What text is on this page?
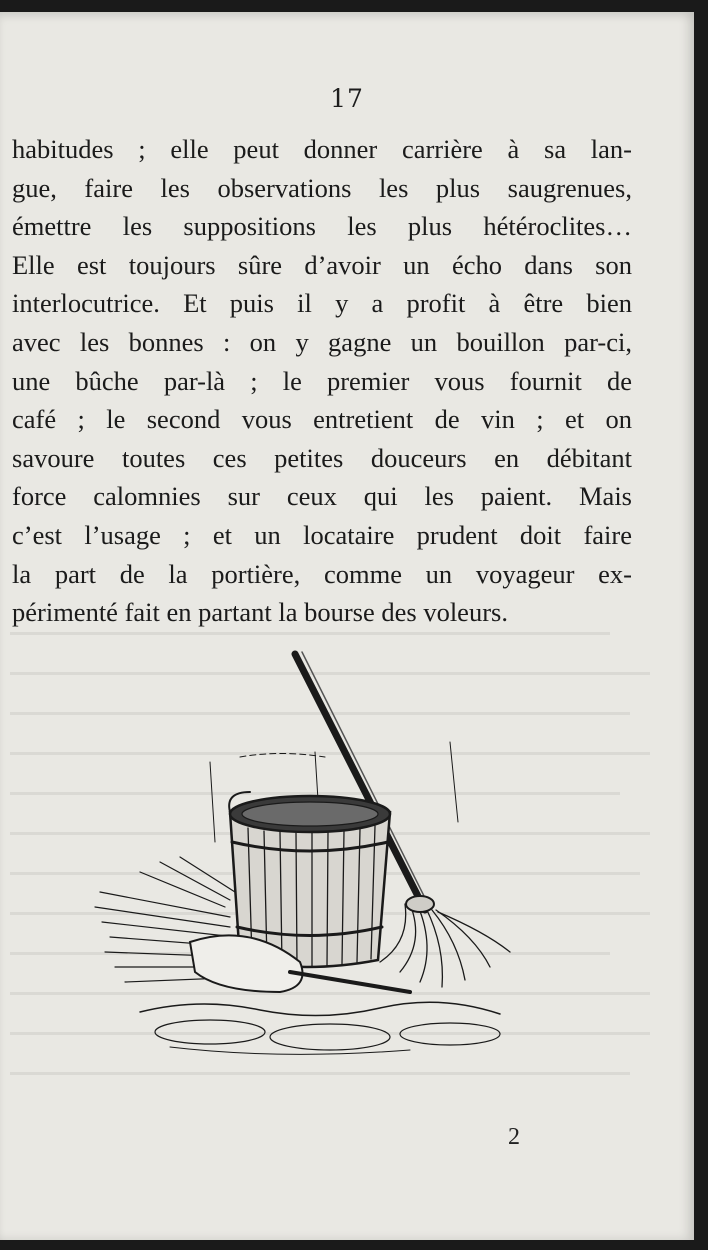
17
habitudes ; elle peut donner carrière à sa lan-
gue, faire les observations les plus saugrenues,
émettre les suppositions les plus hétéroclites…
Elle est toujours sûre d’avoir un écho dans son
interlocutrice. Et puis il y a profit à être bien
avec les bonnes : on y gagne un bouillon par-ci,
une bûche par-là ; le premier vous fournit de
café ; le second vous entretient de vin ; et on
savoure toutes ces petites douceurs en débitant
force calomnies sur ceux qui les paient. Mais
c’est l’usage ; et un locataire prudent doit faire
la part de la portière, comme un voyageur ex-
périmenté fait en partant la bourse des voleurs.
2
